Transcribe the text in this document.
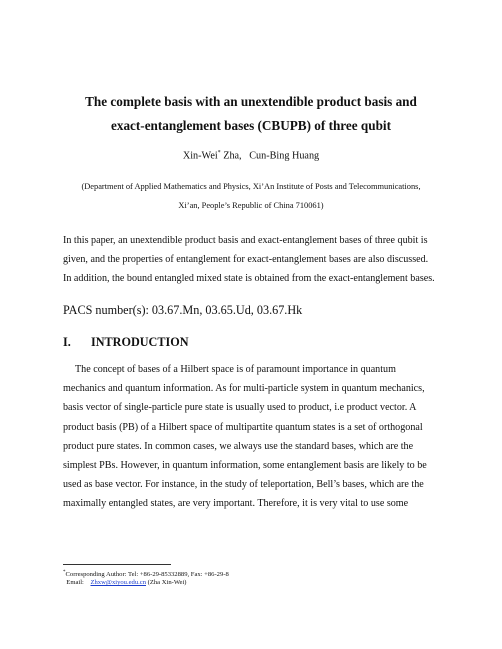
The complete basis with an unextendible product basis and
exact-entanglement bases (CBUPB) of three qubit
Xin-Wei* Zha, Cun-Bing Huang
(Department of Applied Mathematics and Physics, Xi’An Institute of Posts and Telecommunications,
Xi’an, People’s Republic of China 710061)

In this paper, an unextendible product basis and exact-entanglement bases of three qubit is

given, and the properties of entanglement for exact-entanglement bases are also discussed.

In addition, the bound entangled mixed state is obtained from the exact-entanglement bases.

PACS number(s): 03.67.Mn, 03.65.Ud, 03.67.Hk
I. INTRODUCTION

The concept of bases of a Hilbert space is of paramount importance in quantum

mechanics and quantum information. As for multi-particle system in quantum mechanics,

basis vector of single-particle pure state is usually used to product, i.e product vector. A

product basis (PB) of a Hilbert space of multipartite quantum states is a set of orthogonal

product pure states. In common cases, we always use the standard bases, which are the

simplest PBs. However, in quantum information, some entanglement basis are likely to be

used as base vector. For instance, in the study of teleportation, Bell’s bases, which are the

maximally entangled states, are very important. Therefore, it is very vital to use some

*Corresponding Author: Tel: +86-29-85332889, Fax: +86-29-8
Email: Zhxw@xiyou.edu.cn (Zha Xin-Wei)
